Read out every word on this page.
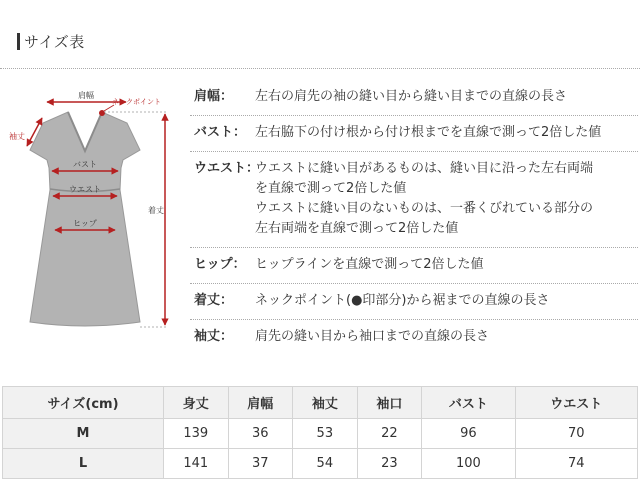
サイズ表
ネックポイント
肩幅
袖丈
バスト
ウエスト
ヒップ
着丈
肩幅： 左右の肩先の袖の縫い目から縫い目までの直線の長さ
バスト： 左右脇下の付け根から付け根までを直線で測って2倍した値
ウエスト：
ウエストに縫い目があるものは、縫い目に沿った左右両端
を直線で測って2倍した値
ウエストに縫い目のないものは、一番くびれている部分の
左右両端を直線で測って2倍した値
ヒップ： ヒップラインを直線で測って2倍した値
着丈： ネックポイント(●印部分)から裾までの直線の長さ
袖丈： 肩先の縫い目から袖口までの直線の長さ
サイズ(cm)	身丈	肩幅	袖丈	袖口	バスト	ウエスト
M	139	36	53	22	96	70
L	141	37	54	23	100	74
